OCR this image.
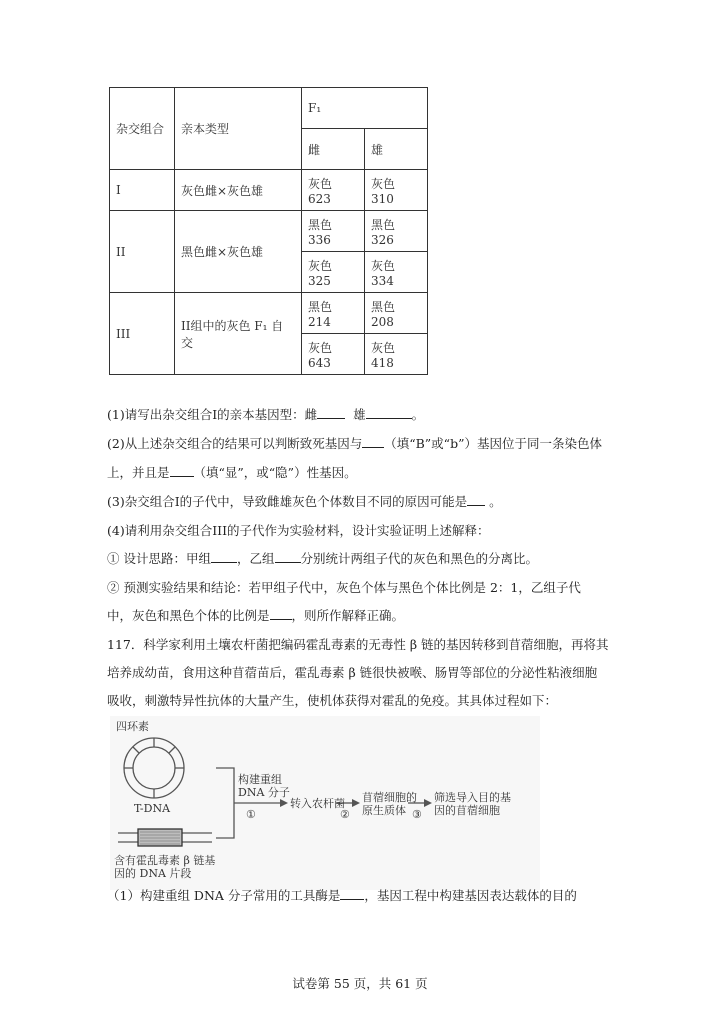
杂交组合	亲本类型	F₁	
		雌	雄
I	灰色雌×灰色雄	灰色 623	灰色 310
II	黑色雌×灰色雄	黑色 336	黑色 326
		灰色 325	灰色 334
III	II组中的灰色 F₁ 自交	黑色 214	黑色 208
		灰色 643	灰色 418
(1)请写出杂交组合I的亲本基因型：雌	雄	。
(2)从上述杂交组合的结果可以判断致死基因与 （填“B”或“b”）基因位于同一条染色体
上，并且是 （填“显”，或“隐”）性基因。
(3)杂交组合I的子代中，导致雌雄灰色个体数目不同的原因可能是 。
(4)请利用杂交组合III的子代作为实验材料，设计实验证明上述解释：
① 设计思路：甲组 ，乙组 分别统计两组子代的灰色和黑色的分离比。
② 预测实验结果和结论：若甲组子代中，灰色个体与黑色个体比例是 2：1，乙组子代
中，灰色和黑色个体的比例是 ，则所作解释正确。
117．科学家利用土壤农杆菌把编码霍乱毒素的无毒性 β 链的基因转移到苜蓿细胞，再将其
培养成幼苗，食用这种苜蓿苗后，霍乱毒素 β 链很快被喉、肠胃等部位的分泌性粘液细胞
吸收，刺激特异性抗体的大量产生，使机体获得对霍乱的免疫。其具体过程如下：
四环素
T-DNA
含有霍乱毒素 β 链基
因的 DNA 片段
构建重组
DNA 分子
①
转入农杆菌
②
苜蓿细胞的
原生质体 ③
筛选导入目的基
因的苜蓿细胞
（1）构建重组 DNA 分子常用的工具酶是 ，基因工程中构建基因表达载体的目的
试卷第 55 页，共 61 页
